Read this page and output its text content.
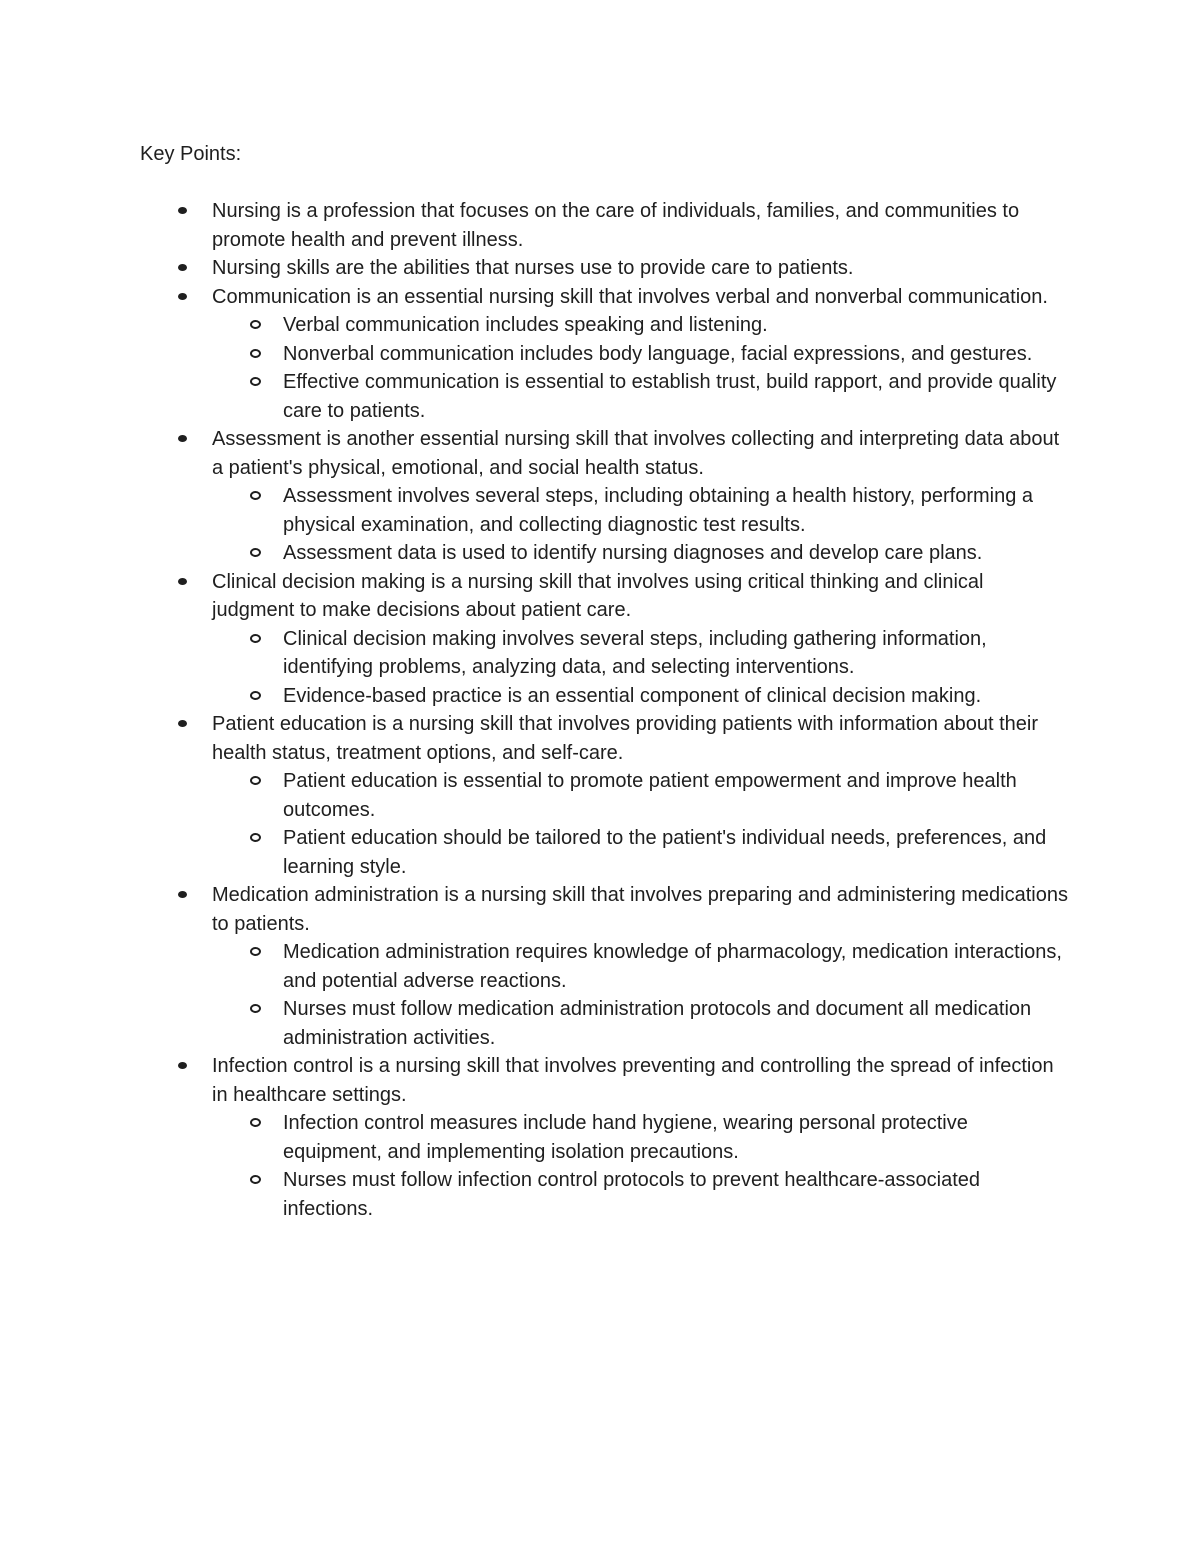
Key Points:

Nursing is a profession that focuses on the care of individuals, families, and communities to promote health and prevent illness.
Nursing skills are the abilities that nurses use to provide care to patients.
Communication is an essential nursing skill that involves verbal and nonverbal communication.
Verbal communication includes speaking and listening.
Nonverbal communication includes body language, facial expressions, and gestures.
Effective communication is essential to establish trust, build rapport, and provide quality care to patients.
Assessment is another essential nursing skill that involves collecting and interpreting data about a patient's physical, emotional, and social health status.
Assessment involves several steps, including obtaining a health history, performing a physical examination, and collecting diagnostic test results.
Assessment data is used to identify nursing diagnoses and develop care plans.
Clinical decision making is a nursing skill that involves using critical thinking and clinical judgment to make decisions about patient care.
Clinical decision making involves several steps, including gathering information, identifying problems, analyzing data, and selecting interventions.
Evidence-based practice is an essential component of clinical decision making.
Patient education is a nursing skill that involves providing patients with information about their health status, treatment options, and self-care.
Patient education is essential to promote patient empowerment and improve health outcomes.
Patient education should be tailored to the patient's individual needs, preferences, and learning style.
Medication administration is a nursing skill that involves preparing and administering medications to patients.
Medication administration requires knowledge of pharmacology, medication interactions, and potential adverse reactions.
Nurses must follow medication administration protocols and document all medication administration activities.
Infection control is a nursing skill that involves preventing and controlling the spread of infection in healthcare settings.
Infection control measures include hand hygiene, wearing personal protective equipment, and implementing isolation precautions.
Nurses must follow infection control protocols to prevent healthcare-associated infections.
